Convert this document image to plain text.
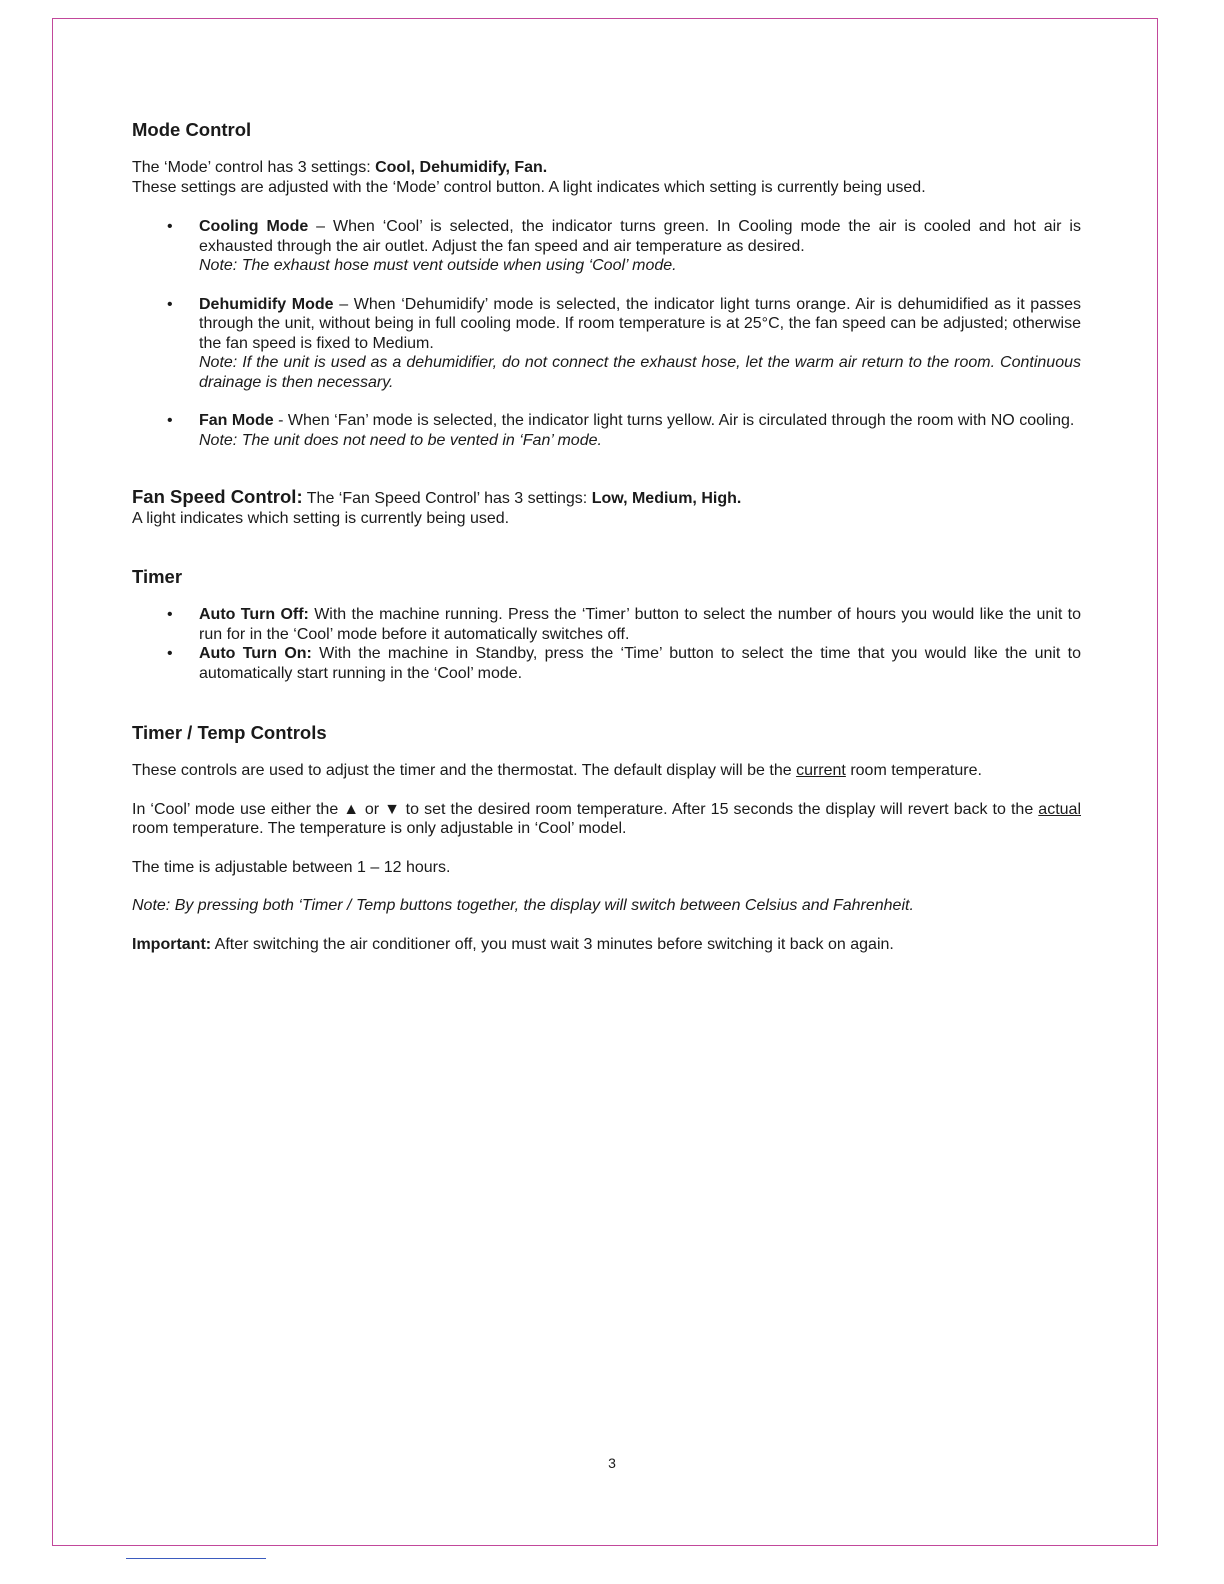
Mode Control

The ‘Mode’ control has 3 settings: Cool, Dehumidify, Fan.

These settings are adjusted with the ‘Mode’ control button. A light indicates which setting is currently being used.

• Cooling Mode – When ‘Cool’ is selected, the indicator turns green. In Cooling mode the air is cooled and hot air is exhausted through the air outlet. Adjust the fan speed and air temperature as desired.
Note: The exhaust hose must vent outside when using ‘Cool’ mode.
• Dehumidify Mode – When ‘Dehumidify’ mode is selected, the indicator light turns orange. Air is dehumidified as it passes through the unit, without being in full cooling mode. If room temperature is at 25°C, the fan speed can be adjusted; otherwise the fan speed is fixed to Medium.
Note: If the unit is used as a dehumidifier, do not connect the exhaust hose, let the warm air return to the room. Continuous drainage is then necessary.
• Fan Mode - When ‘Fan’ mode is selected, the indicator light turns yellow. Air is circulated through the room with NO cooling.
Note: The unit does not need to be vented in ‘Fan’ mode.

Fan Speed Control: The ‘Fan Speed Control’ has 3 settings: Low, Medium, High.

A light indicates which setting is currently being used.

Timer
• Auto Turn Off: With the machine running. Press the ‘Timer’ button to select the number of hours you would like the unit to run for in the ‘Cool’ mode before it automatically switches off.
• Auto Turn On: With the machine in Standby, press the ‘Time’ button to select the time that you would like the unit to automatically start running in the ‘Cool’ mode.
Timer / Temp Controls

These controls are used to adjust the timer and the thermostat. The default display will be the current room temperature.

In ‘Cool’ mode use either the ▲ or ▼ to set the desired room temperature. After 15 seconds the display will revert back to the actual room temperature. The temperature is only adjustable in ‘Cool’ model.

The time is adjustable between 1 – 12 hours.

Note: By pressing both ‘Timer / Temp buttons together, the display will switch between Celsius and Fahrenheit.

Important: After switching the air conditioner off, you must wait 3 minutes before switching it back on again.

3
